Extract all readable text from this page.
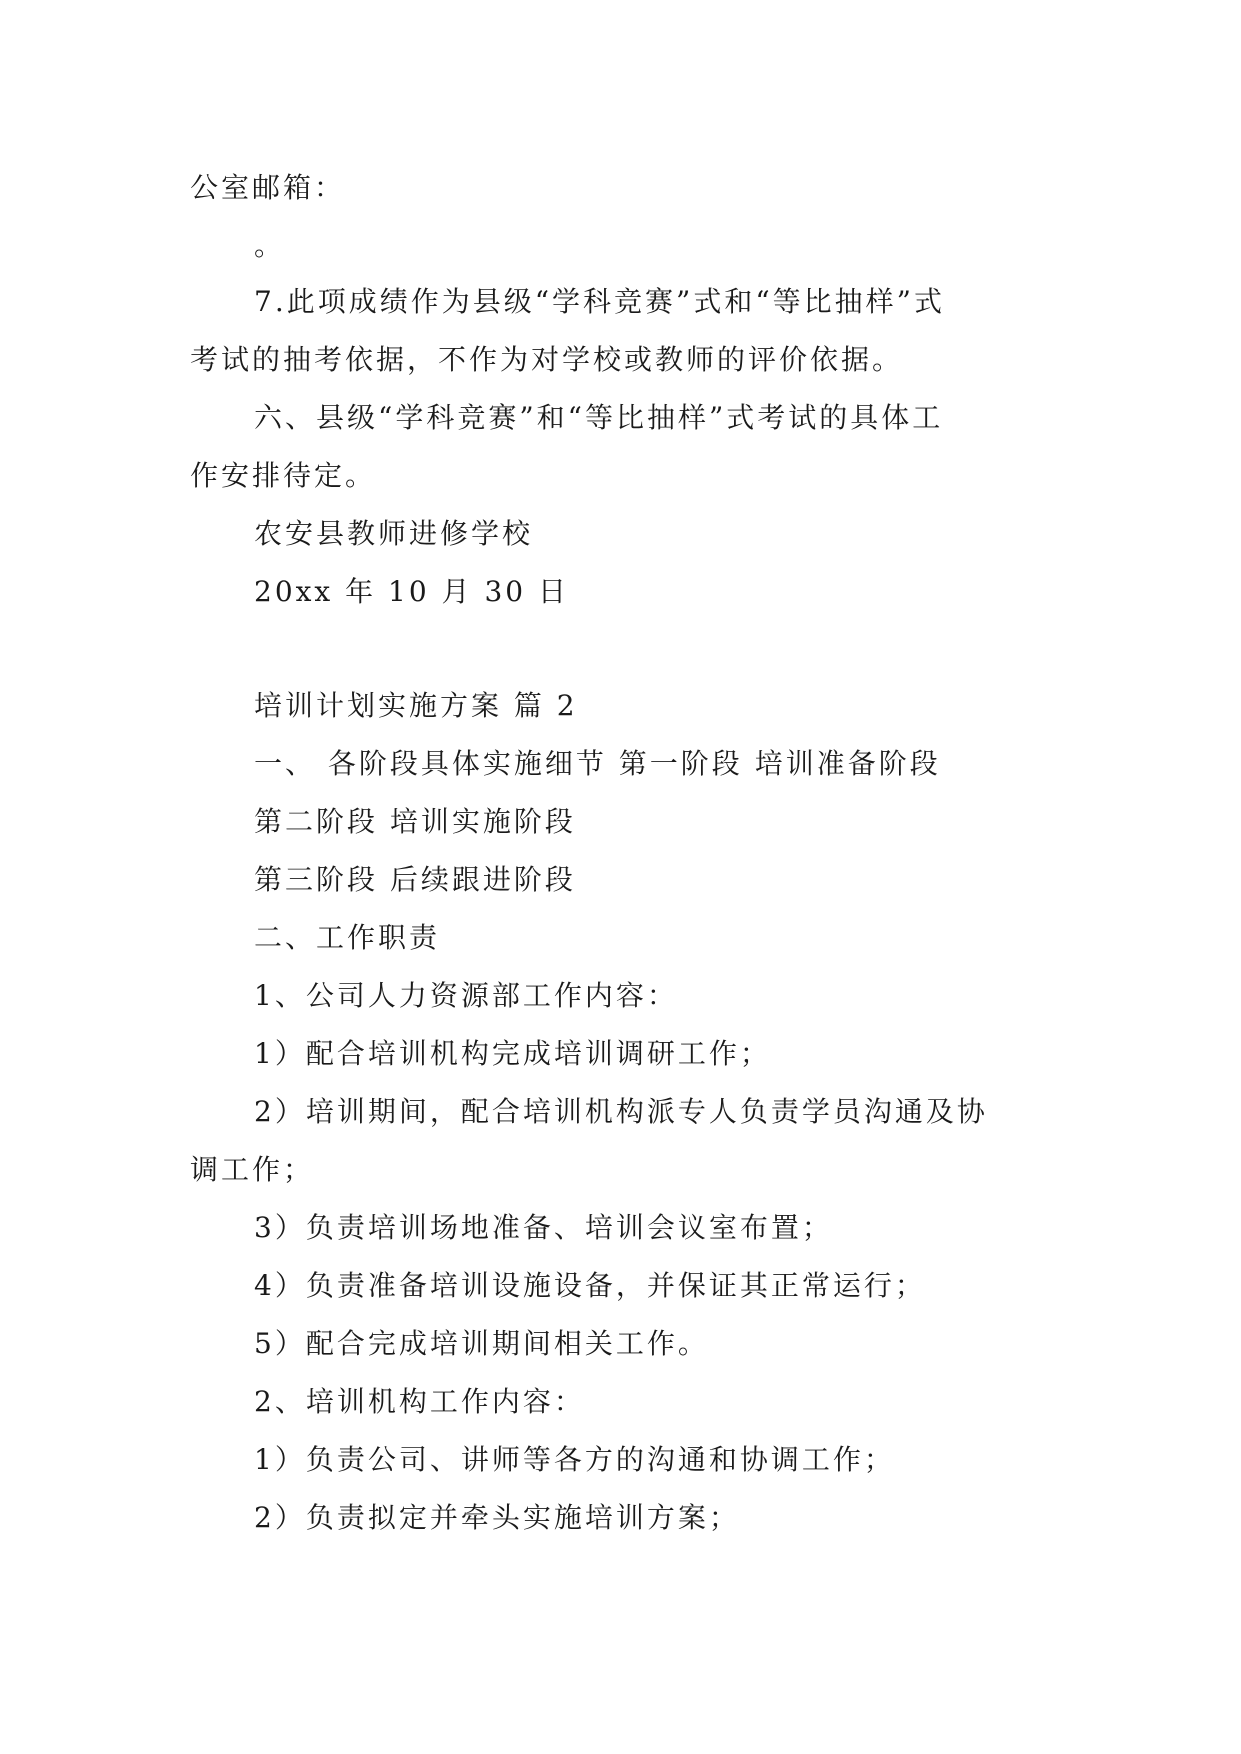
公室邮箱：
。
7.此项成绩作为县级“学科竞赛”式和“等比抽样”式
考试的抽考依据，不作为对学校或教师的评价依据。
六、县级“学科竞赛”和“等比抽样”式考试的具体工
作安排待定。
农安县教师进修学校
20xx 年 10 月 30 日
培训计划实施方案 篇 2
一、 各阶段具体实施细节 第一阶段 培训准备阶段
第二阶段 培训实施阶段
第三阶段 后续跟进阶段
二、工作职责
1、公司人力资源部工作内容：
1）配合培训机构完成培训调研工作；
2）培训期间，配合培训机构派专人负责学员沟通及协
调工作；
3）负责培训场地准备、培训会议室布置；
4）负责准备培训设施设备，并保证其正常运行；
5）配合完成培训期间相关工作。
2、培训机构工作内容：
1）负责公司、讲师等各方的沟通和协调工作；
2）负责拟定并牵头实施培训方案；
